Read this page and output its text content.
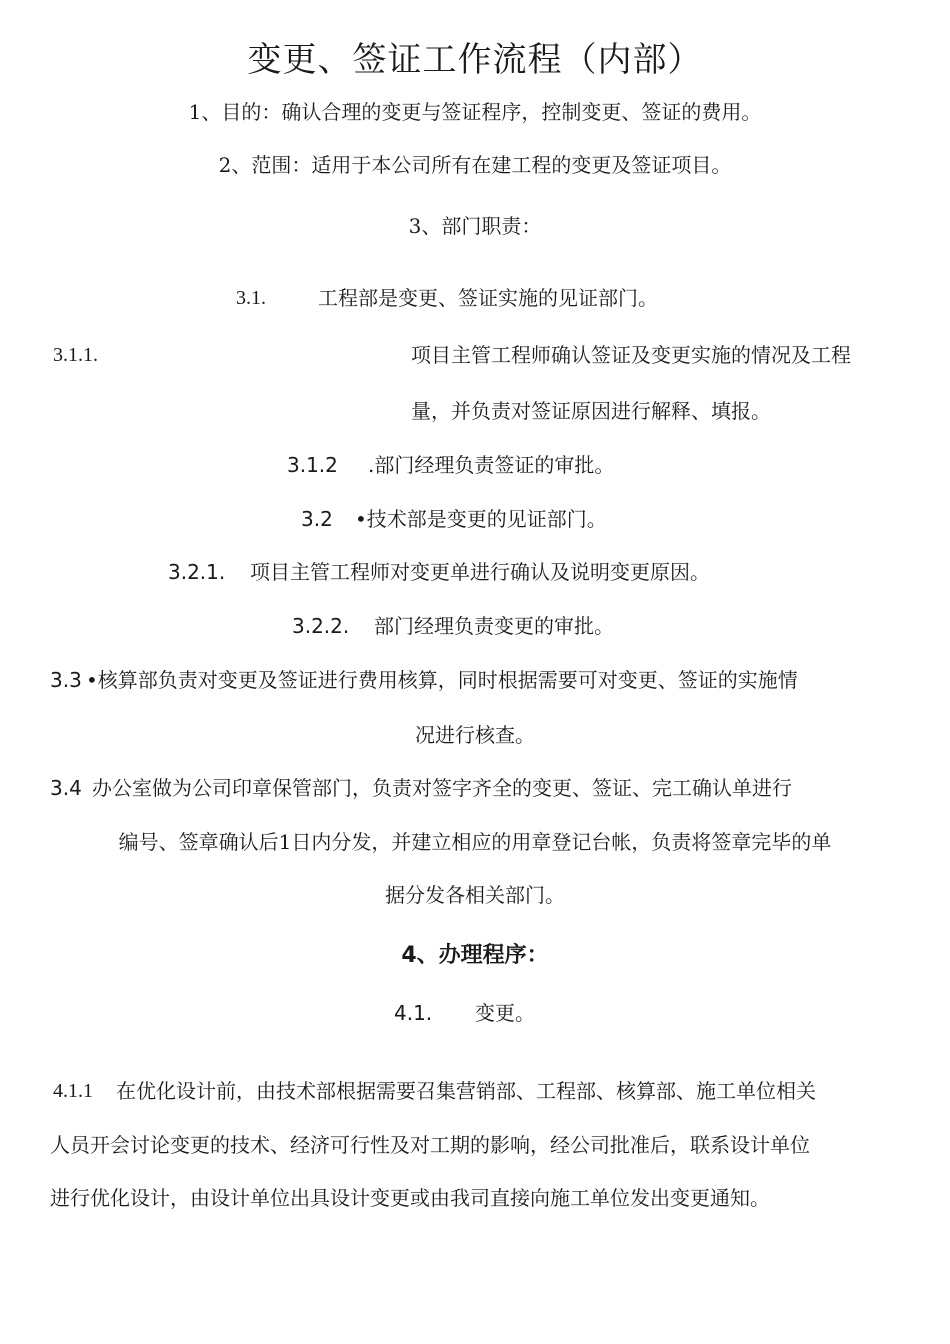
变更、签证工作流程（内部）
1、目的：确认合理的变更与签证程序，控制变更、签证的费用。
2、范围：适用于本公司所有在建工程的变更及签证项目。
3、部门职责：
3.1.	工程部是变更、签证实施的见证部门。
3.1.1.	项目主管工程师确认签证及变更实施的情况及工程
量，并负责对签证原因进行解释、填报。
3.1.2 .部门经理负责签证的审批。
3.2 •技术部是变更的见证部门。
3.2.1. 项目主管工程师对变更单进行确认及说明变更原因。
3.2.2. 部门经理负责变更的审批。
3.3 •核算部负责对变更及签证进行费用核算，同时根据需要可对变更、签证的实施情
况进行核查。
3.4 办公室做为公司印章保管部门，负责对签字齐全的变更、签证、完工确认单进行
编号、签章确认后1日内分发，并建立相应的用章登记台帐，负责将签章完毕的单
据分发各相关部门。
4、办理程序：
4.1. 变更。
4.1.1 在优化设计前，由技术部根据需要召集营销部、工程部、核算部、施工单位相关
人员开会讨论变更的技术、经济可行性及对工期的影响，经公司批准后，联系设计单位
进行优化设计，由设计单位出具设计变更或由我司直接向施工单位发出变更通知。
